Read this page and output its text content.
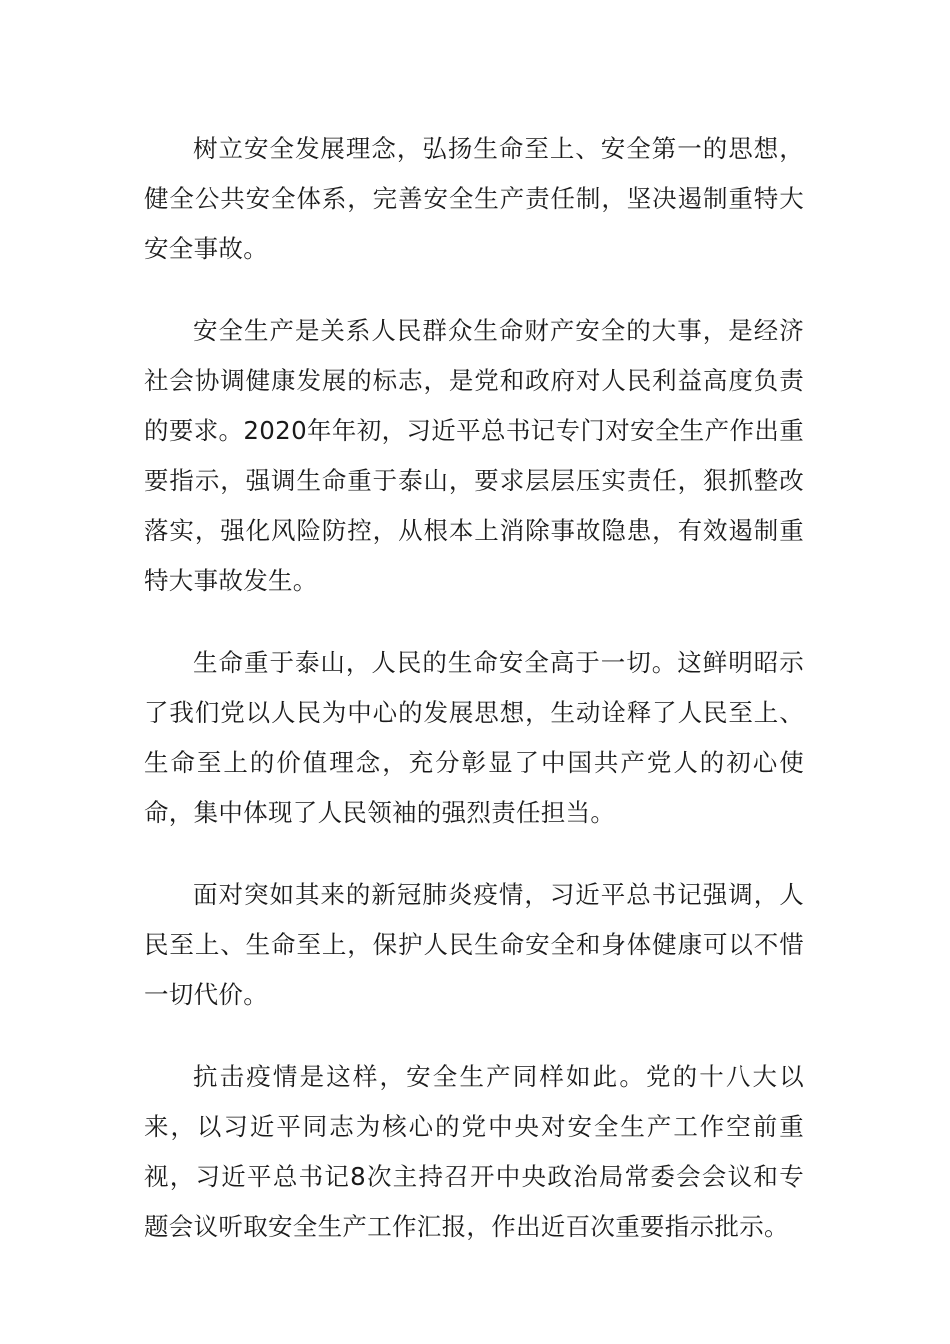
树立安全发展理念，弘扬生命至上、安全第一的思想，健全公共安全体系，完善安全生产责任制，坚决遏制重特大安全事故。

安全生产是关系人民群众生命财产安全的大事，是经济社会协调健康发展的标志，是党和政府对人民利益高度负责的要求。2020年年初，习近平总书记专门对安全生产作出重要指示，强调生命重于泰山，要求层层压实责任，狠抓整改落实，强化风险防控，从根本上消除事故隐患，有效遏制重特大事故发生。

生命重于泰山，人民的生命安全高于一切。这鲜明昭示了我们党以人民为中心的发展思想，生动诠释了人民至上、生命至上的价值理念，充分彰显了中国共产党人的初心使命，集中体现了人民领袖的强烈责任担当。

面对突如其来的新冠肺炎疫情，习近平总书记强调，人民至上、生命至上，保护人民生命安全和身体健康可以不惜一切代价。

抗击疫情是这样，安全生产同样如此。党的十八大以来，以习近平同志为核心的党中央对安全生产工作空前重视，习近平总书记8次主持召开中央政治局常委会会议和专题会议听取安全生产工作汇报，作出近百次重要指示批示。
